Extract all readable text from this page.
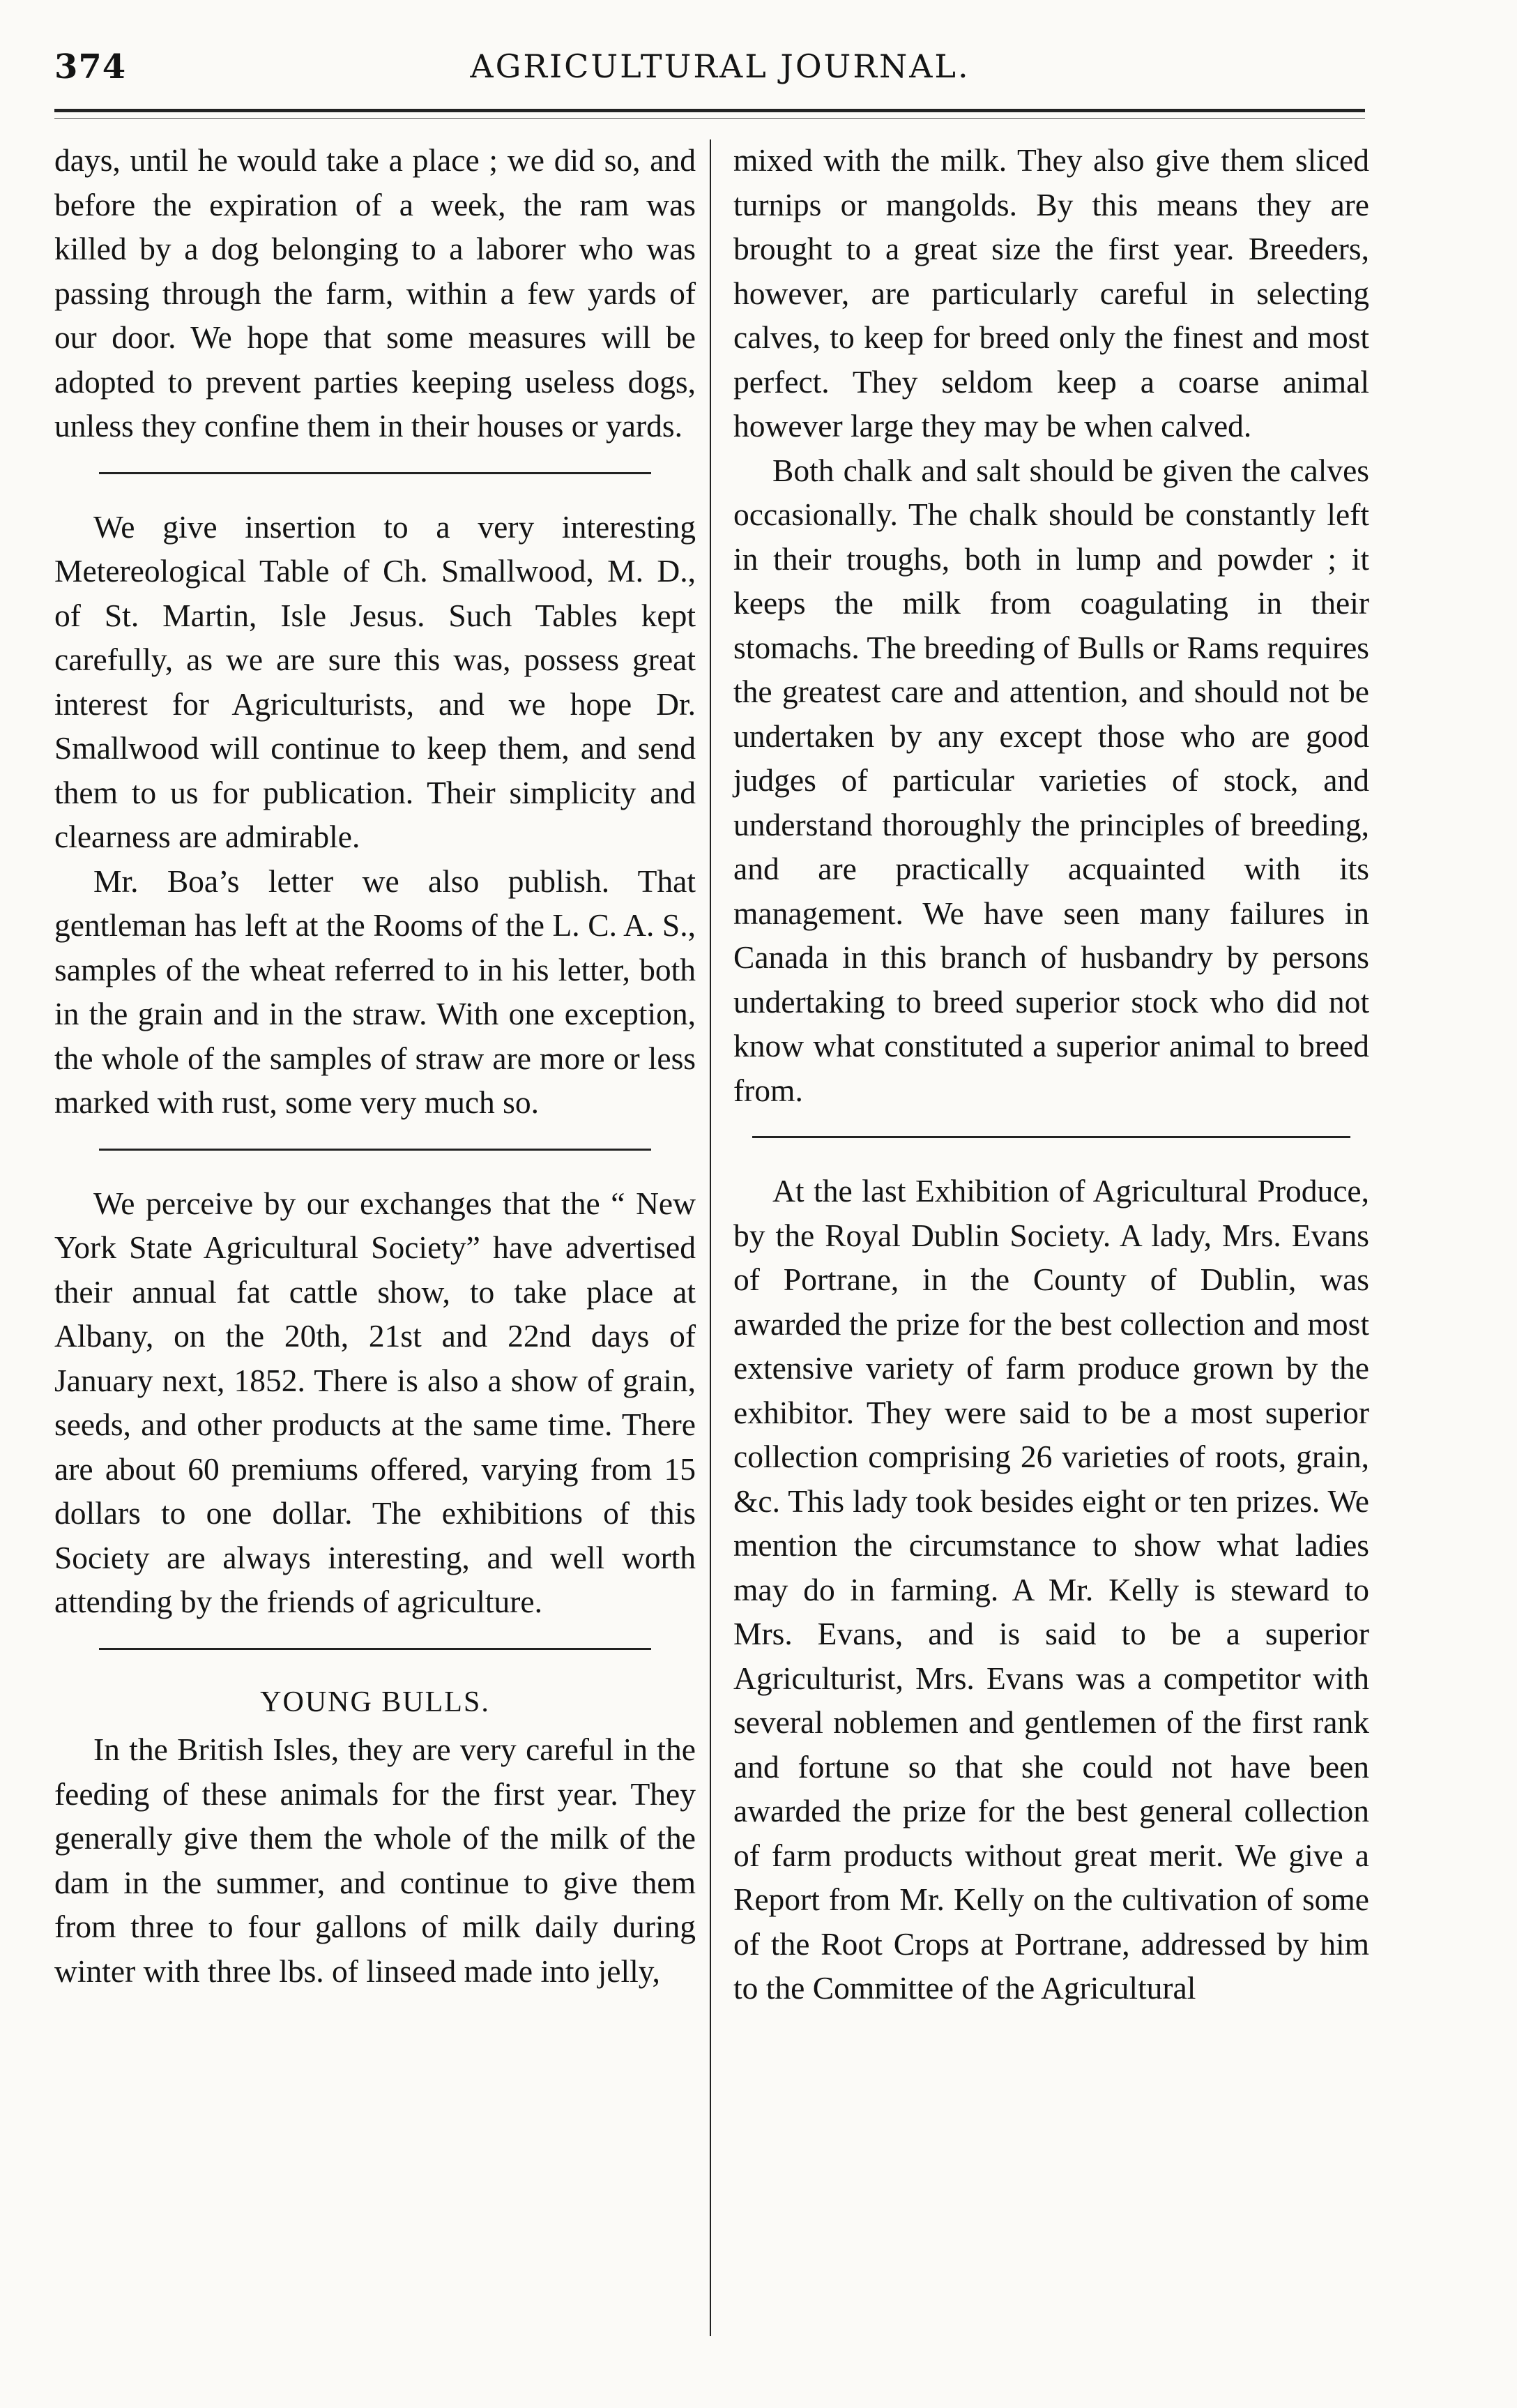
374	AGRICULTURAL JOURNAL.

days, until he would take a place ; we did so, and before the expiration of a week, the ram was killed by a dog belonging to a laborer who was passing through the farm, within a few yards of our door. We hope that some measures will be adopted to prevent parties keeping useless dogs, unless they confine them in their houses or yards.

We give insertion to a very interesting Metereological Table of Ch. Smallwood, M. D., of St. Martin, Isle Jesus. Such Tables kept carefully, as we are sure this was, possess great interest for Agriculturists, and we hope Dr. Smallwood will continue to keep them, and send them to us for publication. Their simplicity and clearness are admirable.

Mr. Boa’s letter we also publish. That gentleman has left at the Rooms of the L. C. A. S., samples of the wheat referred to in his letter, both in the grain and in the straw. With one exception, the whole of the samples of straw are more or less marked with rust, some very much so.

We perceive by our exchanges that the “ New York State Agricultural Society” have advertised their annual fat cattle show, to take place at Albany, on the 20th, 21st and 22nd days of January next, 1852. There is also a show of grain, seeds, and other products at the same time. There are about 60 premiums offered, varying from 15 dollars to one dollar. The exhibitions of this Society are always interesting, and well worth attending by the friends of agriculture.

YOUNG BULLS.

In the British Isles, they are very careful in the feeding of these animals for the first year. They generally give them the whole of the milk of the dam in the summer, and continue to give them from three to four gallons of milk daily during winter with three lbs. of linseed made into jelly,

mixed with the milk. They also give them sliced turnips or mangolds. By this means they are brought to a great size the first year. Breeders, however, are particularly careful in selecting calves, to keep for breed only the finest and most perfect. They seldom keep a coarse animal however large they may be when calved.

Both chalk and salt should be given the calves occasionally. The chalk should be constantly left in their troughs, both in lump and powder ; it keeps the milk from coagulating in their stomachs. The breeding of Bulls or Rams requires the greatest care and attention, and should not be undertaken by any except those who are good judges of particular varieties of stock, and understand thoroughly the principles of breeding, and are practically acquainted with its management. We have seen many failures in Canada in this branch of husbandry by persons undertaking to breed superior stock who did not know what constituted a superior animal to breed from.

At the last Exhibition of Agricultural Produce, by the Royal Dublin Society. A lady, Mrs. Evans of Portrane, in the County of Dublin, was awarded the prize for the best collection and most extensive variety of farm produce grown by the exhibitor. They were said to be a most superior collection comprising 26 varieties of roots, grain, &c. This lady took besides eight or ten prizes. We mention the circumstance to show what ladies may do in farming. A Mr. Kelly is steward to Mrs. Evans, and is said to be a superior Agriculturist, Mrs. Evans was a competitor with several noblemen and gentlemen of the first rank and fortune so that she could not have been awarded the prize for the best general collection of farm products without great merit. We give a Report from Mr. Kelly on the cultivation of some of the Root Crops at Portrane, addressed by him to the Committee of the Agricultural
